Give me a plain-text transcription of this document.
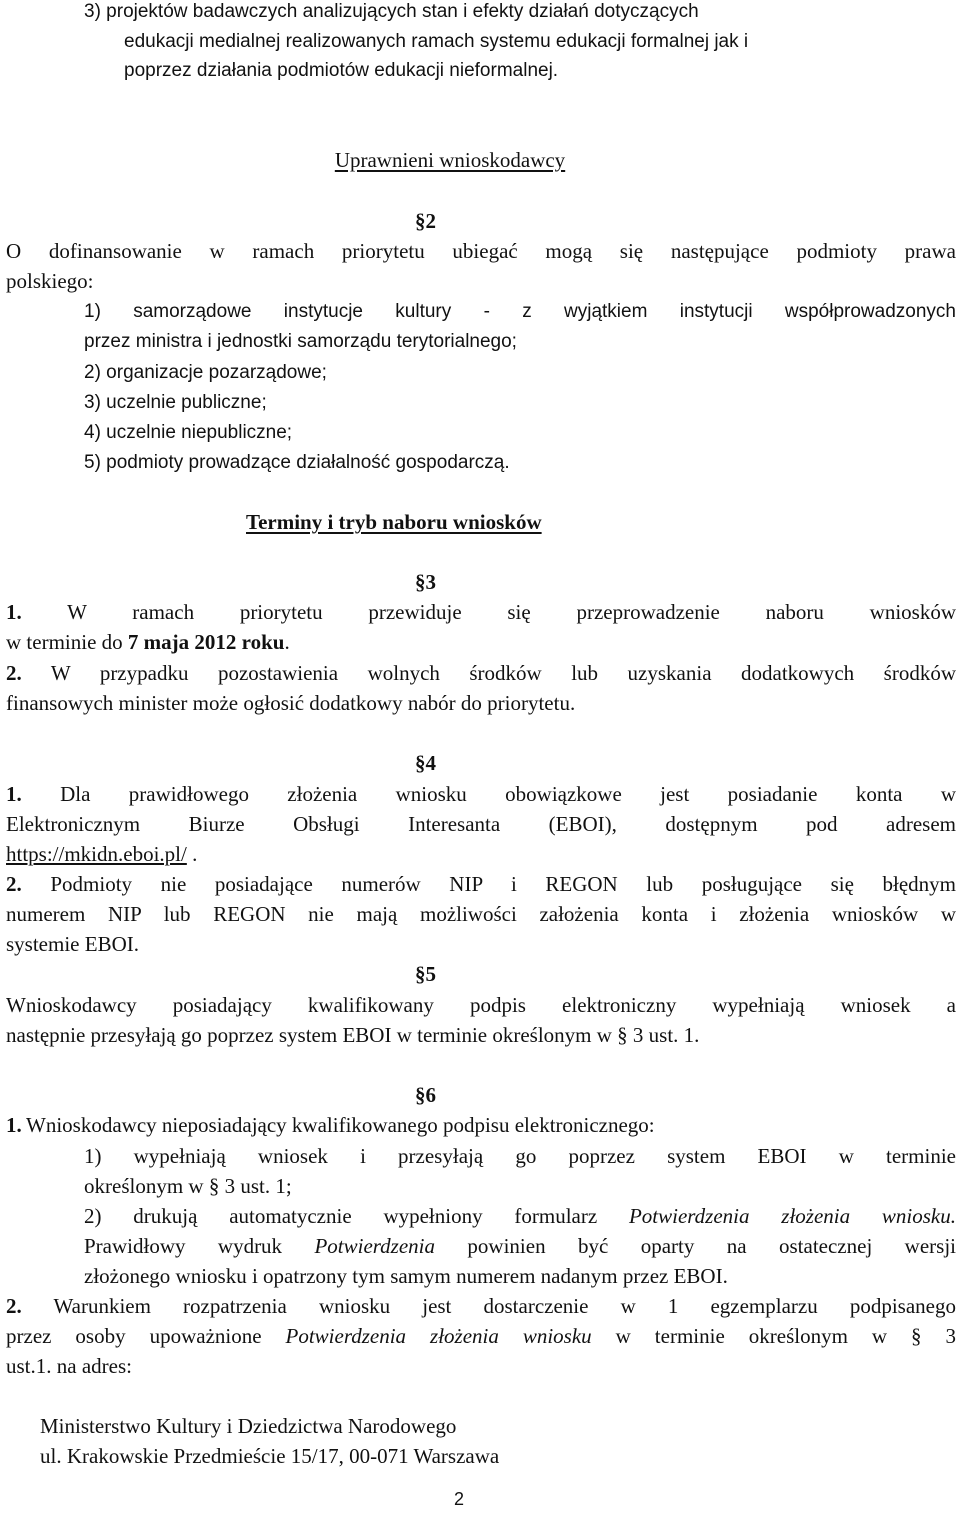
3) projektów badawczych analizujących stan i efekty działań dotyczących
edukacji medialnej realizowanych ramach systemu edukacji formalnej jak i
poprzez działania podmiotów edukacji nieformalnej.
Uprawnieni wnioskodawcy
§2
O dofinansowanie w ramach priorytetu ubiegać mogą się następujące podmioty prawa
polskiego:
1) samorządowe instytucje kultury - z wyjątkiem instytucji współprowadzonych
przez ministra i jednostki samorządu terytorialnego;
2) organizacje pozarządowe;
3) uczelnie publiczne;
4) uczelnie niepubliczne;
5) podmioty prowadzące działalność gospodarczą.
Terminy i tryb naboru wniosków
§3
1. W ramach priorytetu przewiduje się przeprowadzenie naboru wniosków
w terminie do 7 maja 2012 roku.
2. W przypadku pozostawienia wolnych środków lub uzyskania dodatkowych środków
finansowych minister może ogłosić dodatkowy nabór do priorytetu.
§4
1. Dla prawidłowego złożenia wniosku obowiązkowe jest posiadanie konta w
Elektronicznym Biurze Obsługi Interesanta (EBOI), dostępnym pod adresem
https://mkidn.eboi.pl/ .
2. Podmioty nie posiadające numerów NIP i REGON lub posługujące się błędnym
numerem NIP lub REGON nie mają możliwości założenia konta i złożenia wniosków w
systemie EBOI.
§5
Wnioskodawcy posiadający kwalifikowany podpis elektroniczny wypełniają wniosek a
następnie przesyłają go poprzez system EBOI w terminie określonym w § 3 ust. 1.
§6
1. Wnioskodawcy nieposiadający kwalifikowanego podpisu elektronicznego:
1) wypełniają wniosek i przesyłają go poprzez system EBOI w terminie
określonym w § 3 ust. 1;
2) drukują automatycznie wypełniony formularz Potwierdzenia złożenia wniosku.
Prawidłowy wydruk Potwierdzenia powinien być oparty na ostatecznej wersji
złożonego wniosku i opatrzony tym samym numerem nadanym przez EBOI.
2. Warunkiem rozpatrzenia wniosku jest dostarczenie w 1 egzemplarzu podpisanego
przez osoby upoważnione Potwierdzenia złożenia wniosku w terminie określonym w § 3
ust.1. na adres:
Ministerstwo Kultury i Dziedzictwa Narodowego
ul. Krakowskie Przedmieście 15/17, 00-071 Warszawa
2
